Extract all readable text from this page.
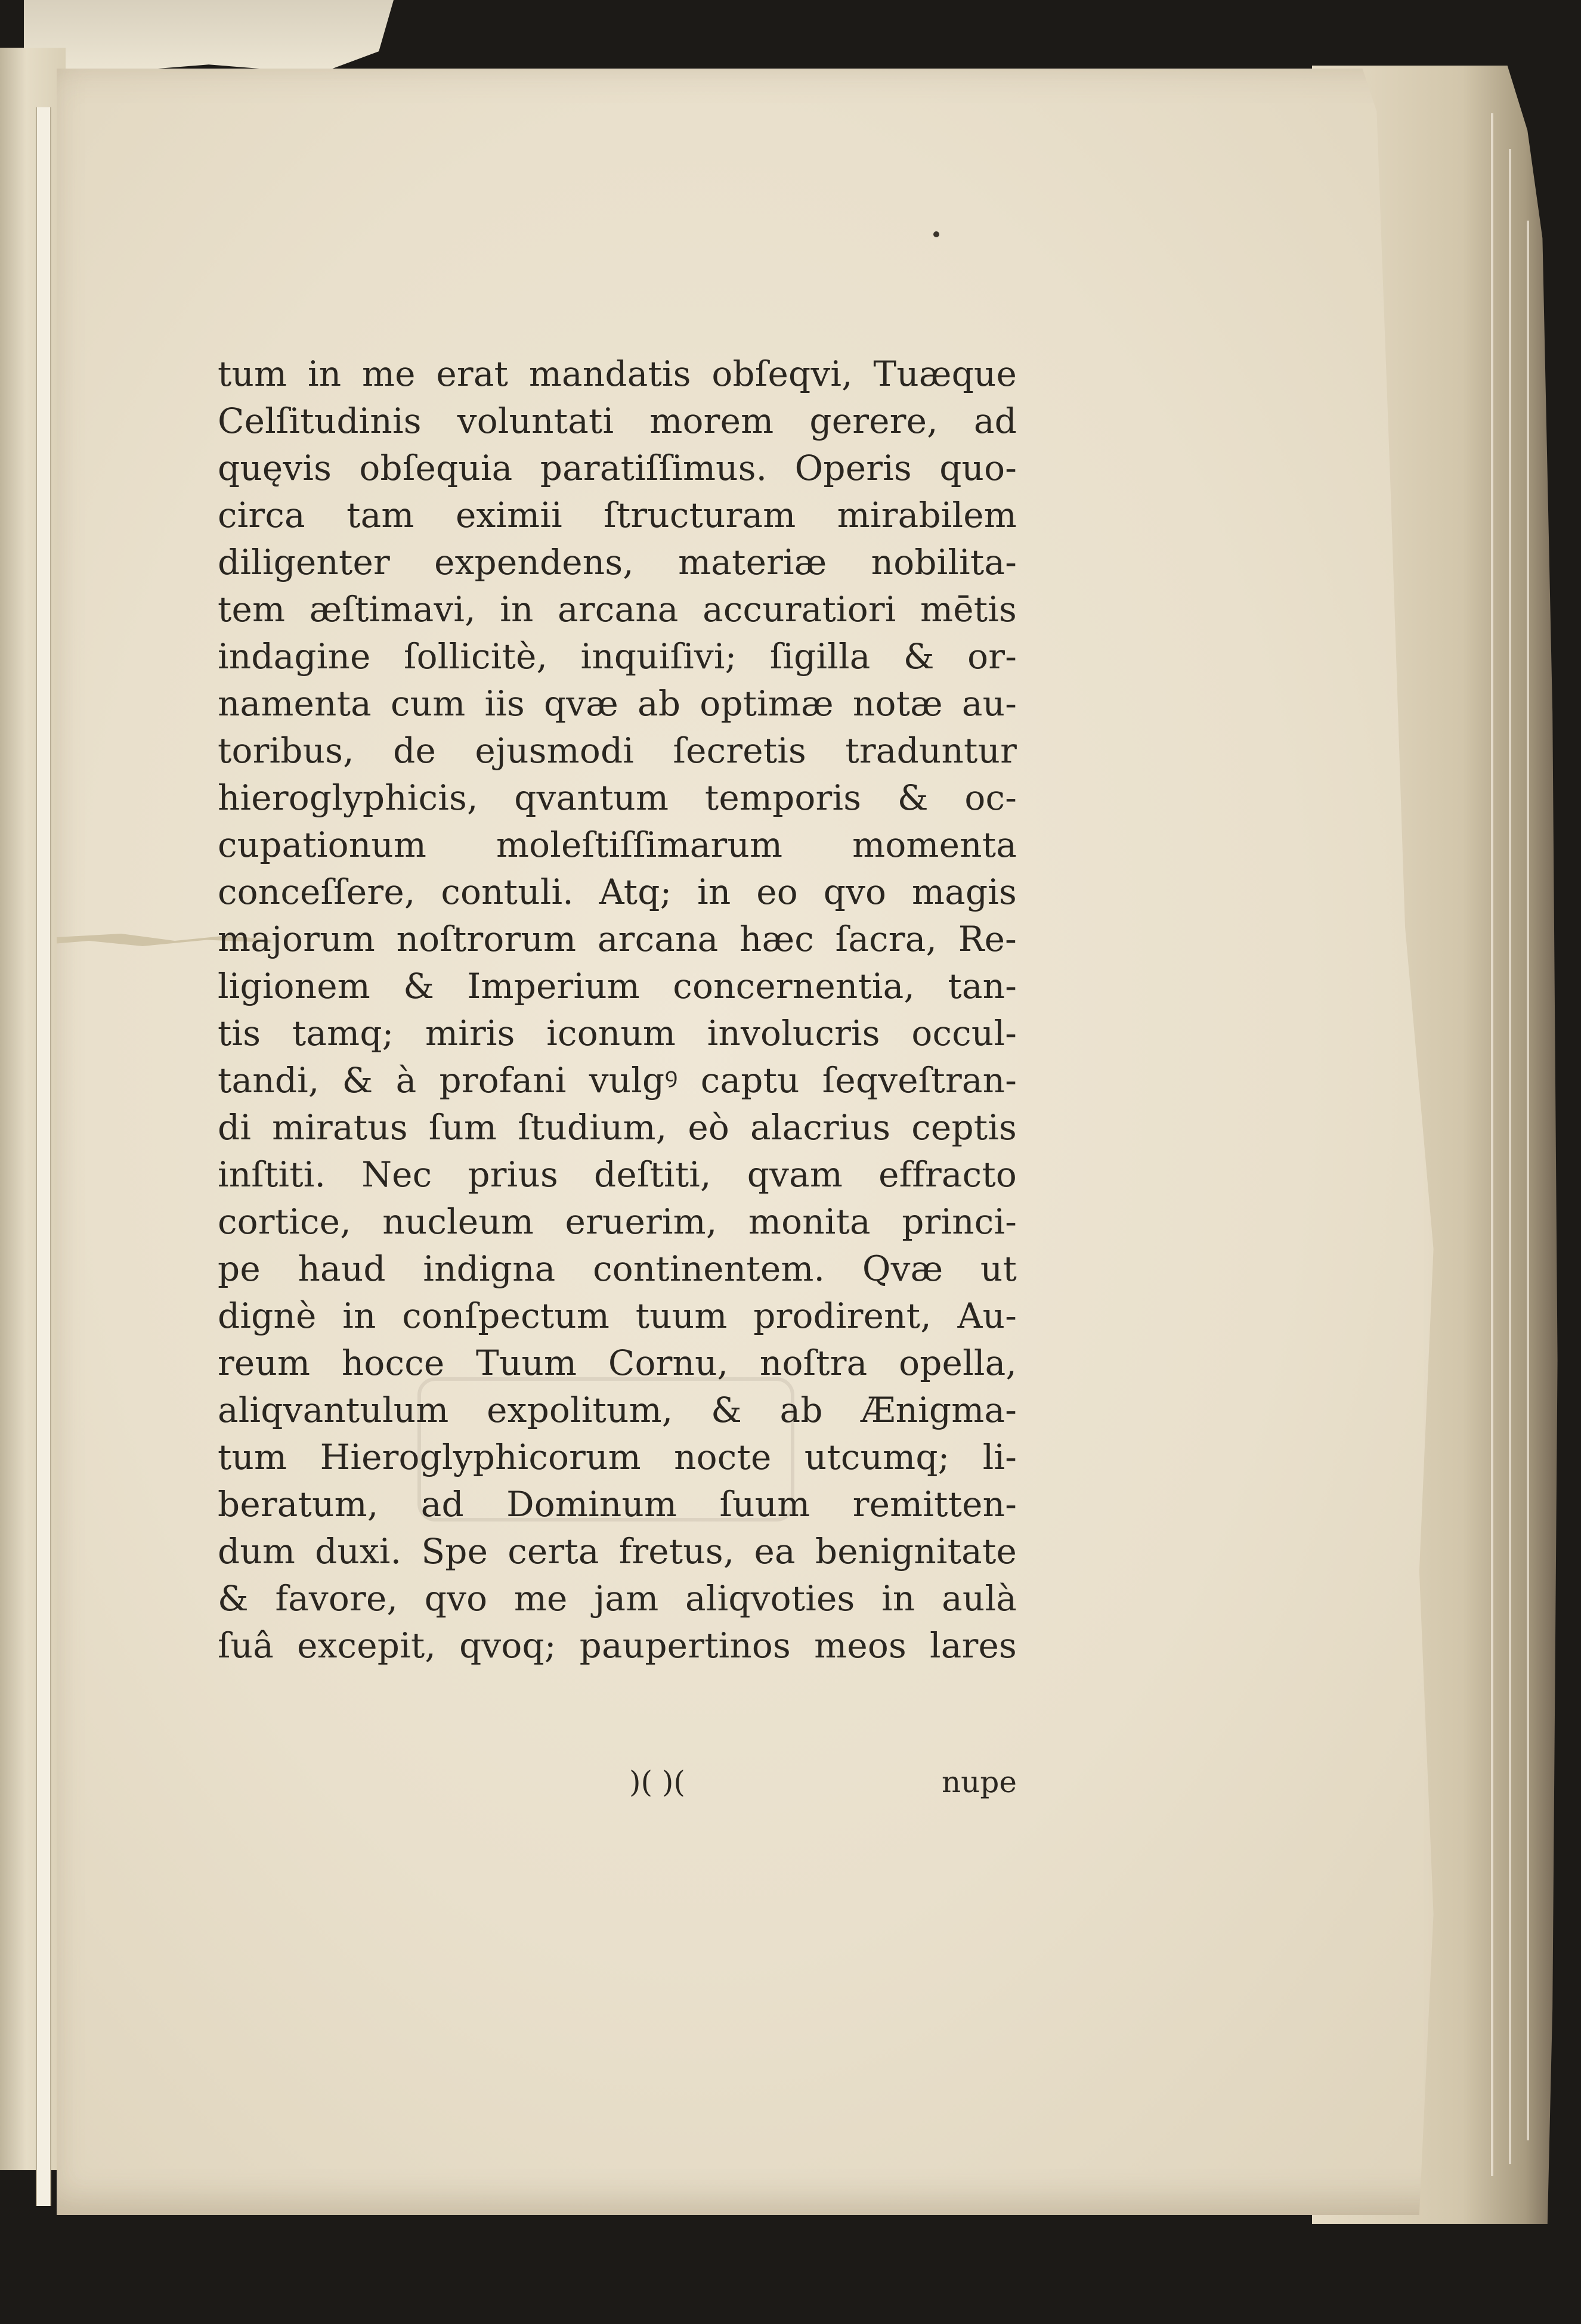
tum in me erat mandatis obſeqvi, Tuæque
Celſitudinis voluntati morem gerere, ad
quęvis obſequia paratiſſimus. Operis quo-
circa tam eximii ſtructuram mirabilem
diligenter expendens, materiæ nobilita-
tem æſtimavi, in arcana accuratiori mētis
indagine ſollicitè, inquiſivi; ſigilla & or-
namenta cum iis qvæ ab optimæ notæ au-
toribus, de ejusmodi ſecretis traduntur
hieroglyphicis, qvantum temporis & oc-
cupationum moleſtiſſimarum momenta
conceſſere, contuli. Atq; in eo qvo magis
majorum noſtrorum arcana hæc ſacra, Re-
ligionem & Imperium concernentia, tan-
tis tamq; miris iconum involucris occul-
tandi, & à profani vulgꝰ captu ſeqveſtran-
di miratus ſum ſtudium, eò alacrius ceptis
inſtiti. Nec prius deſtiti, qvam effracto
cortice, nucleum eruerim, monita princi-
pe haud indigna continentem. Qvæ ut
dignè in conſpectum tuum prodirent, Au-
reum hocce Tuum Cornu, noſtra opella,
aliqvantulum expolitum, & ab Ænigma-
tum Hieroglyphicorum nocte utcumq; li-
beratum, ad Dominum ſuum remitten-
dum duxi. Spe certa fretus, ea benignitate
& favore, qvo me jam aliqvoties in aulà
ſuâ excepit, qvoq; paupertinos meos lares
)( )(	nupe
